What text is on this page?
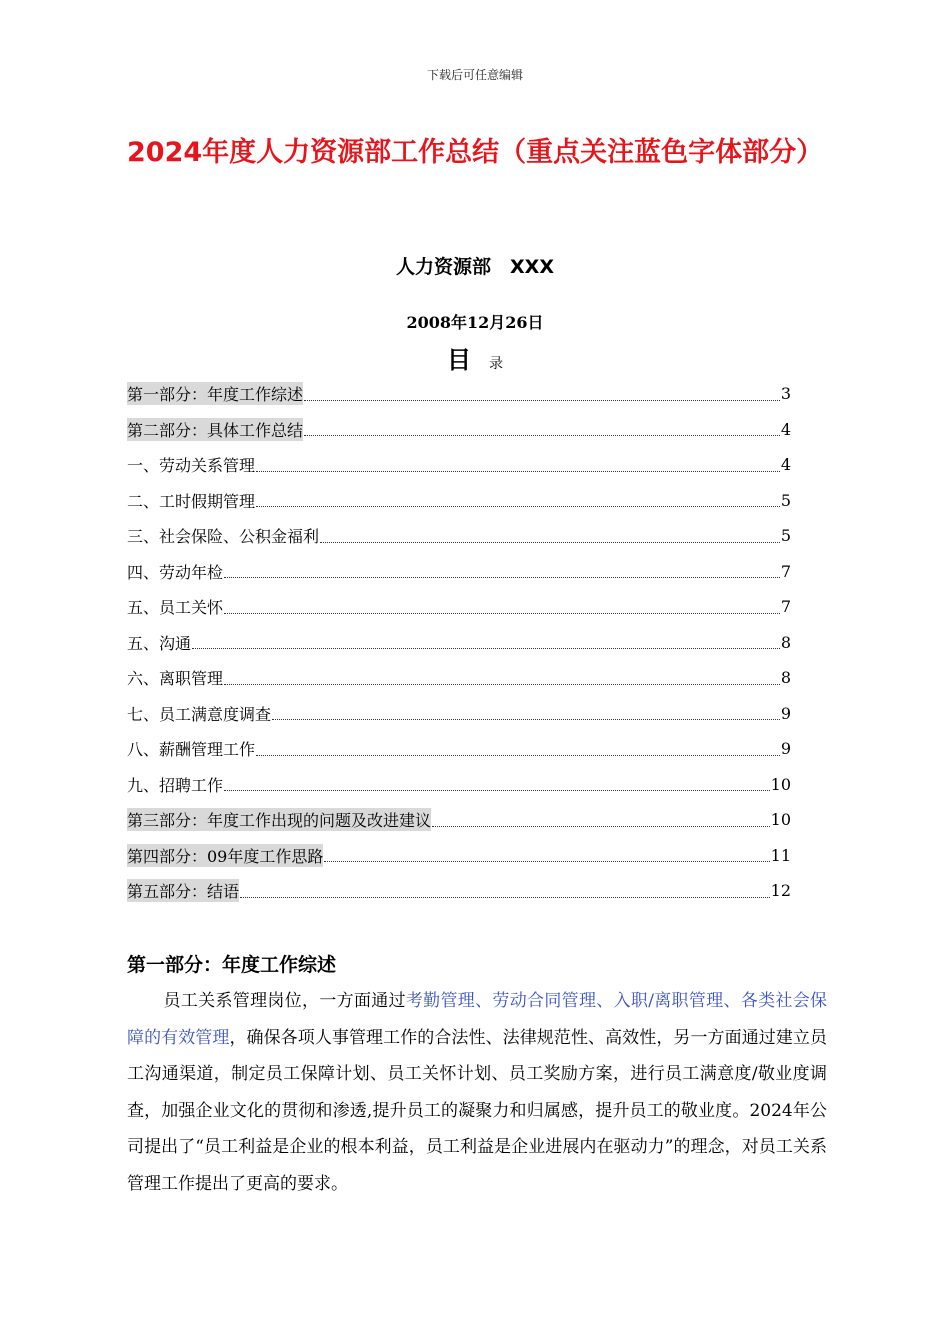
下载后可任意编辑
2024年度人力资源部工作总结（重点关注蓝色字体部分）
人力资源部　XXX
2008年12月26日
目 录
第一部分：年度工作综述	3
第二部分：具体工作总结	4
一、劳动关系管理	4
二、工时假期管理	5
三、社会保险、公积金福利	5
四、劳动年检	7
五、员工关怀	7
五、沟通	8
六、离职管理	8
七、员工满意度调查	9
八、薪酬管理工作	9
九、招聘工作	10
第三部分：年度工作出现的问题及改进建议	10
第四部分：09年度工作思路	11
第五部分：结语	12
第一部分：年度工作综述

员工关系管理岗位，一方面通过考勤管理、劳动合同管理、入职/离职管理、各类社会保障的有效管理，确保各项人事管理工作的合法性、法律规范性、高效性，另一方面通过建立员工沟通渠道，制定员工保障计划、员工关怀计划、员工奖励方案，进行员工满意度/敬业度调查，加强企业文化的贯彻和渗透,提升员工的凝聚力和归属感，提升员工的敬业度。2024年公司提出了“员工利益是企业的根本利益，员工利益是企业进展内在驱动力”的理念，对员工关系管理工作提出了更高的要求。
